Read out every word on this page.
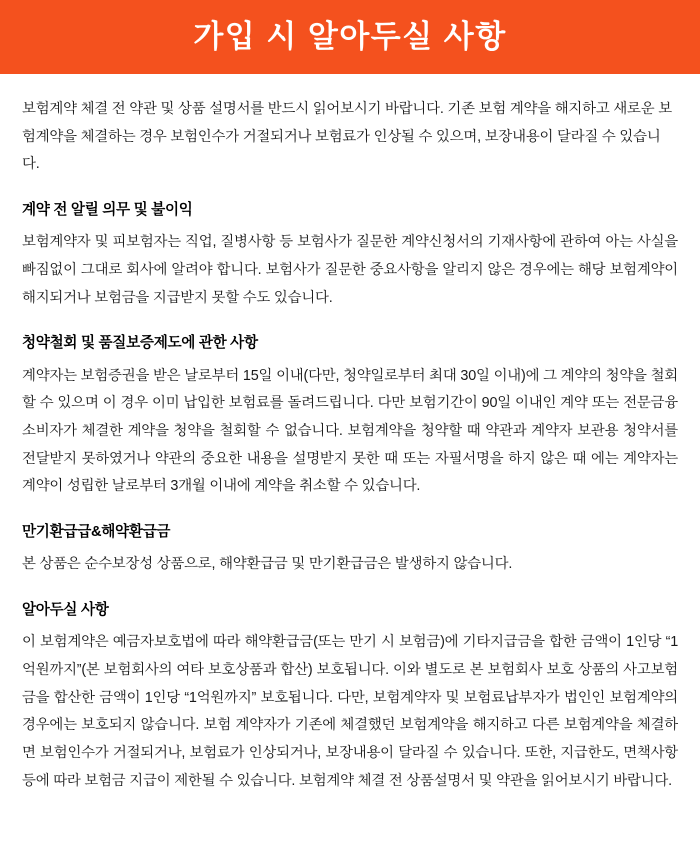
가입 시 알아두실 사항

보험계약 체결 전 약관 및 상품 설명서를 반드시 읽어보시기 바랍니다. 기존 보험 계약을 해지하고 새로운 보험계약을 체결하는 경우 보험인수가 거절되거나 보험료가 인상될 수 있으며, 보장내용이 달라질 수 있습니다.

계약 전 알릴 의무 및 불이익

보험계약자 및 피보험자는 직업, 질병사항 등 보험사가 질문한 계약신청서의 기재사항에 관하여 아는 사실을 빠짐없이 그대로 회사에 알려야 합니다. 보험사가 질문한 중요사항을 알리지 않은 경우에는 해당 보험계약이 해지되거나 보험금을 지급받지 못할 수도 있습니다.

청약철회 및 품질보증제도에 관한 사항

계약자는 보험증권을 받은 날로부터 15일 이내(다만, 청약일로부터 최대 30일 이내)에 그 계약의 청약을 철회 할 수 있으며 이 경우 이미 납입한 보험료를 돌려드립니다. 다만 보험기간이 90일 이내인 계약 또는 전문금융소비자가 체결한 계약을 청약을 철회할 수 없습니다. 보험계약을 청약할 때 약관과 계약자 보관용 청약서를 전달받지 못하였거나 약관의 중요한 내용을 설명받지 못한 때 또는 자필서명을 하지 않은 때 에는 계약자는 계약이 성립한 날로부터 3개월 이내에 계약을 취소할 수 있습니다.

만기환급급&해약환급금

본 상품은 순수보장성 상품으로, 해약환급금 및 만기환급금은 발생하지 않습니다.

알아두실 사항

이 보험계약은 예금자보호법에 따라 해약환급금(또는 만기 시 보험금)에 기타지급금을 합한 금액이 1인당 “1억원까지”(본 보험회사의 여타 보호상품과 합산) 보호됩니다. 이와 별도로 본 보험회사 보호 상품의 사고보험금을 합산한 금액이 1인당 “1억원까지” 보호됩니다. 다만, 보험계약자 및 보험료납부자가 법인인 보험계약의 경우에는 보호되지 않습니다. 보험 계약자가 기존에 체결했던 보험계약을 해지하고 다른 보험계약을 체결하면 보험인수가 거절되거나, 보험료가 인상되거나, 보장내용이 달라질 수 있습니다. 또한, 지급한도, 면책사항 등에 따라 보험금 지급이 제한될 수 있습니다. 보험계약 체결 전 상품설명서 및 약관을 읽어보시기 바랍니다.
